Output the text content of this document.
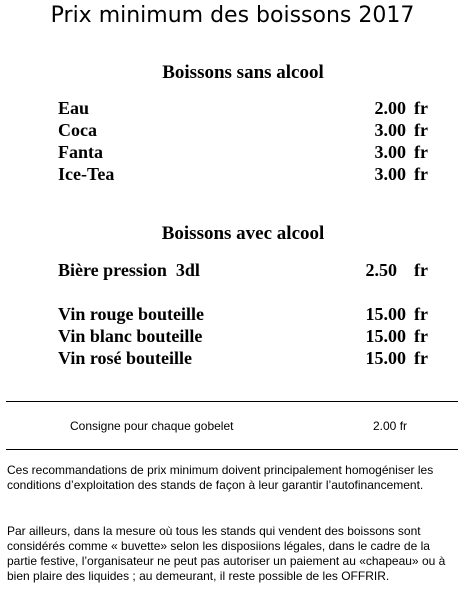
Prix minimum des boissons 2017
Boissons sans alcool
Eau	2.00 fr
Coca	3.00 fr
Fanta	3.00 fr
Ice-Tea	3.00 fr
Boissons avec alcool
Bière pression  3dl	2.50 fr
Vin rouge bouteille	15.00 fr
Vin blanc bouteille	15.00 fr
Vin rosé bouteille	15.00 fr
Consigne pour chaque gobelet	2.00 fr

Ces recommandations de prix minimum doivent principalement homogéniser les conditions d’exploitation des stands de façon à leur garantir l’autofinancement.

Par ailleurs, dans la mesure où tous les stands qui vendent des boissons sont considérés comme « buvette» selon les disposiions légales, dans le cadre de la partie festive, l’organisateur ne peut pas autoriser un paiement au «chapeau» ou à bien plaire des liquides ; au demeurant, il reste possible de les OFFRIR.
